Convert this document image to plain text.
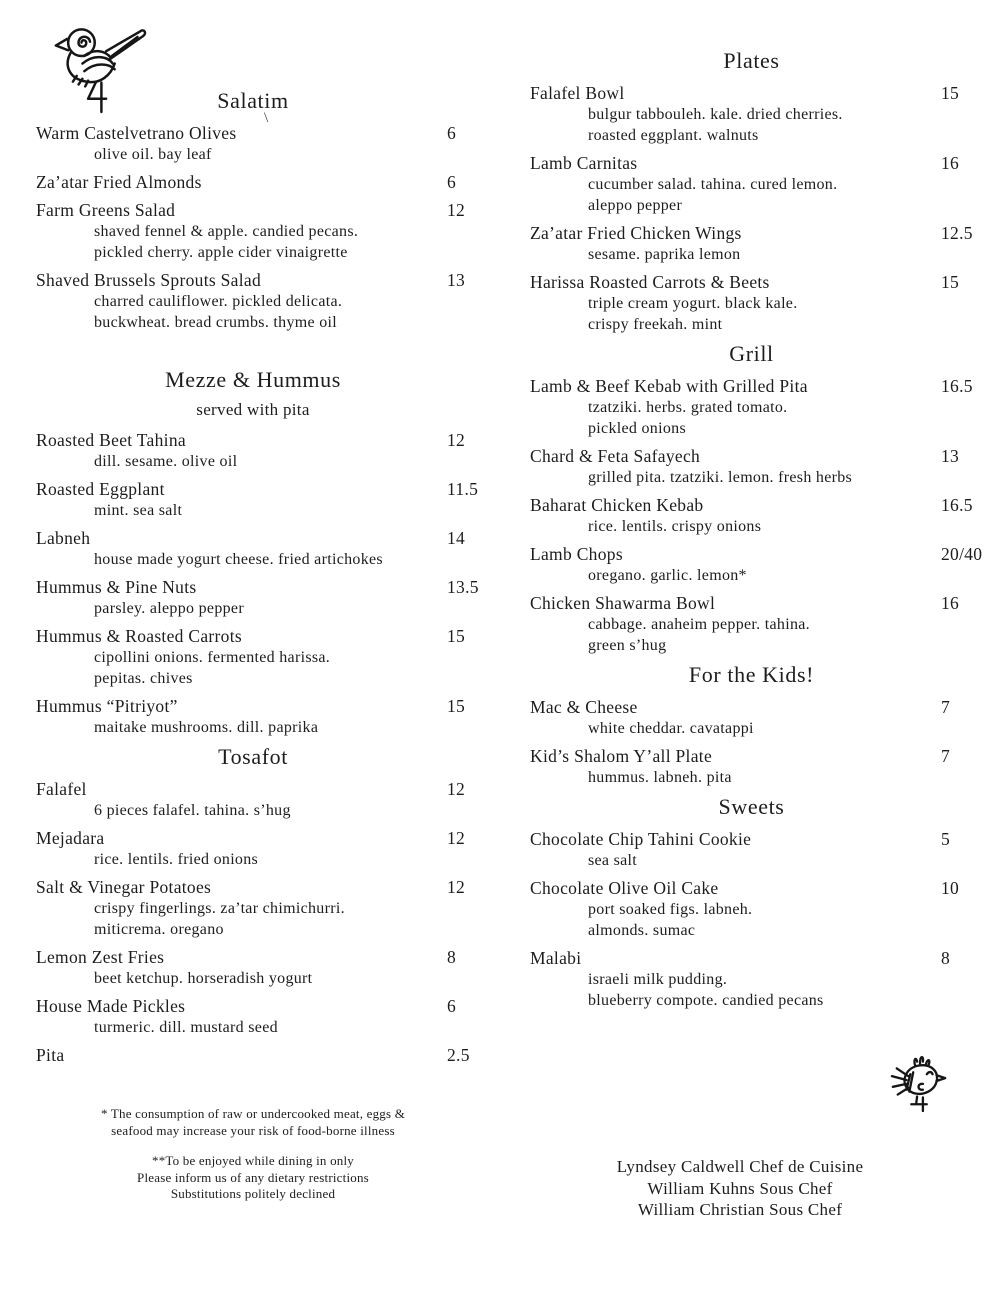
\
Salatim
Warm Castelvetrano Olives	6
olive oil. bay leaf
Za’atar Fried Almonds	6
Farm Greens Salad	12
shaved fennel & apple. candied pecans.
pickled cherry. apple cider vinaigrette
Shaved Brussels Sprouts Salad	13
charred cauliflower. pickled delicata.
buckwheat. bread crumbs. thyme oil
Mezze & Hummus
served with pita
Roasted Beet Tahina	12
dill. sesame. olive oil
Roasted Eggplant	11.5
mint. sea salt
Labneh	14
house made yogurt cheese. fried artichokes
Hummus & Pine Nuts	13.5
parsley. aleppo pepper
Hummus & Roasted Carrots	15
cipollini onions. fermented harissa.
pepitas. chives
Hummus “Pitriyot”	15
maitake mushrooms. dill. paprika
Tosafot
Falafel	12
6 pieces falafel. tahina. s’hug
Mejadara	12
rice. lentils. fried onions
Salt & Vinegar Potatoes	12
crispy fingerlings. za’tar chimichurri.
miticrema. oregano
Lemon Zest Fries	8
beet ketchup. horseradish yogurt
House Made Pickles	6
turmeric. dill. mustard seed
Pita	2.5
Plates
Falafel Bowl	15
bulgur tabbouleh. kale. dried cherries.
roasted eggplant. walnuts
Lamb Carnitas	16
cucumber salad. tahina. cured lemon.
aleppo pepper
Za’atar Fried Chicken Wings	12.5
sesame. paprika lemon
Harissa Roasted Carrots & Beets	15
triple cream yogurt. black kale.
crispy freekah. mint
Grill
Lamb & Beef Kebab with Grilled Pita	16.5
tzatziki. herbs. grated tomato.
pickled onions
Chard & Feta Safayech	13
grilled pita. tzatziki. lemon. fresh herbs
Baharat Chicken Kebab	16.5
rice. lentils. crispy onions
Lamb Chops	20/40
oregano. garlic. lemon*
Chicken Shawarma Bowl	16
cabbage. anaheim pepper. tahina.
green s’hug
For the Kids!
Mac & Cheese	7
white cheddar. cavatappi
Kid’s Shalom Y’all Plate	7
hummus. labneh. pita
Sweets
Chocolate Chip Tahini Cookie	5
sea salt
Chocolate Olive Oil Cake	10
port soaked figs. labneh.
almonds. sumac
Malabi	8
israeli milk pudding.
blueberry compote. candied pecans
* The consumption of raw or undercooked meat, eggs &
seafood may increase your risk of food-borne illness
**To be enjoyed while dining in only
Please inform us of any dietary restrictions
Substitutions politely declined
Lyndsey Caldwell Chef de Cuisine
William Kuhns Sous Chef
William Christian Sous Chef
